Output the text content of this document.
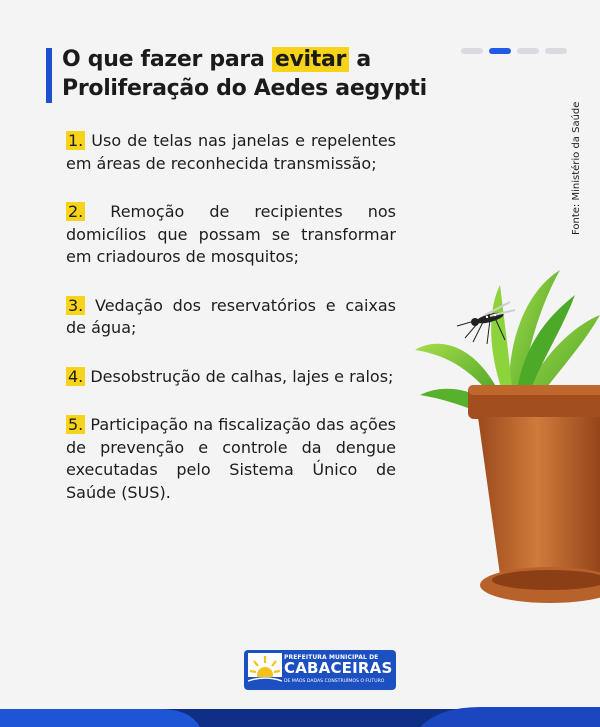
O que fazer para evitar a
Proliferação do Aedes aegypti
Fonte: Ministério da Saúde
1. Uso de telas nas janelas e repelentes em áreas de reconhecida transmissão;
2. Remoção de recipientes nos domicílios que possam se transformar em criadouros de mosquitos;
3. Vedação dos reservatórios e caixas de água;
4. Desobstrução de calhas, lajes e ralos;
5. Participação na fiscalização das ações de prevenção e controle da dengue executadas pelo Sistema Único de Saúde (SUS).
PREFEITURA MUNICIPAL DE
CABACEIRAS
DE MÃOS DADAS CONSTRUÍMOS O FUTURO
